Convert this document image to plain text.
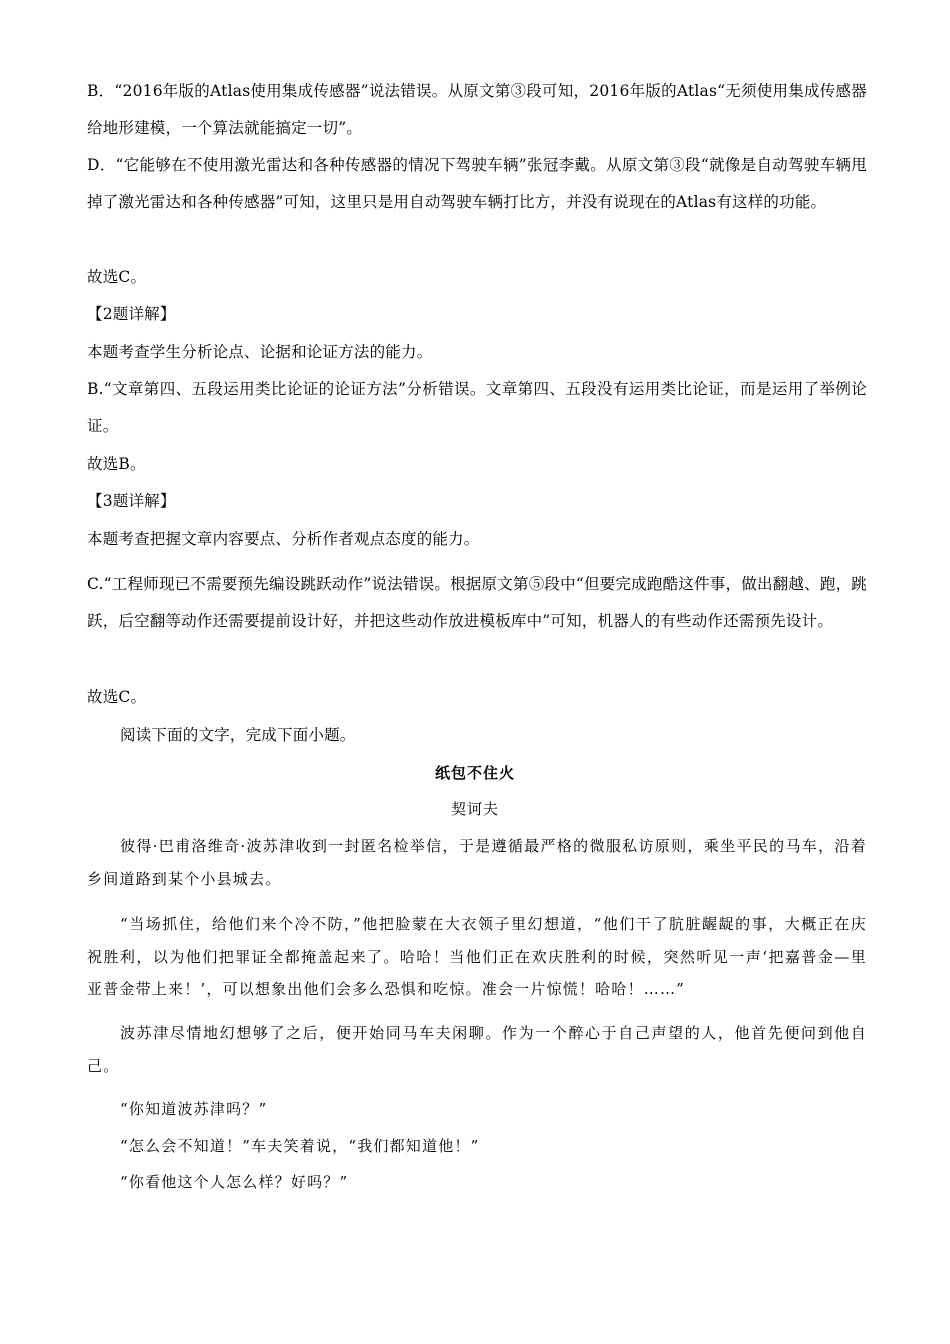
B．“2016年版的Atlas使用集成传感器”说法错误。从原文第③段可知，2016年版的Atlas“无须使用集成传感器给地形建模，一个算法就能搞定一切”。

D．“它能够在不使用激光雷达和各种传感器的情况下驾驶车辆”张冠李戴。从原文第③段“就像是自动驾驶车辆甩掉了激光雷达和各种传感器”可知，这里只是用自动驾驶车辆打比方，并没有说现在的Atlas有这样的功能。

故选C。

【2题详解】

本题考查学生分析论点、论据和论证方法的能力。

B.“文章第四、五段运用类比论证的论证方法”分析错误。文章第四、五段没有运用类比论证，而是运用了举例论证。

故选B。

【3题详解】

本题考查把握文章内容要点、分析作者观点态度的能力。

C.“工程师现已不需要预先编设跳跃动作”说法错误。根据原文第⑤段中“但要完成跑酷这件事，做出翻越、跑，跳跃，后空翻等动作还需要提前设计好，并把这些动作放进模板库中”可知，机器人的有些动作还需预先设计。

故选C。

阅读下面的文字，完成下面小题。

纸包不住火

契诃夫

彼得·巴甫洛维奇·波苏津收到一封匿名检举信，于是遵循最严格的微服私访原则，乘坐平民的马车，沿着乡间道路到某个小县城去。

“当场抓住，给他们来个冷不防，”他把脸蒙在大衣领子里幻想道，“他们干了肮脏龌龊的事，大概正在庆祝胜利，以为他们把罪证全都掩盖起来了。哈哈！当他们正在欢庆胜利的时候，突然听见一声‘把嘉普金—里亚普金带上来！’，可以想象出他们会多么恐惧和吃惊。准会一片惊慌！哈哈！……”

波苏津尽情地幻想够了之后，便开始同马车夫闲聊。作为一个醉心于自己声望的人，他首先便问到他自己。

“你知道波苏津吗？”

“怎么会不知道！”车夫笑着说，“我们都知道他！”

“你看他这个人怎么样？好吗？”
